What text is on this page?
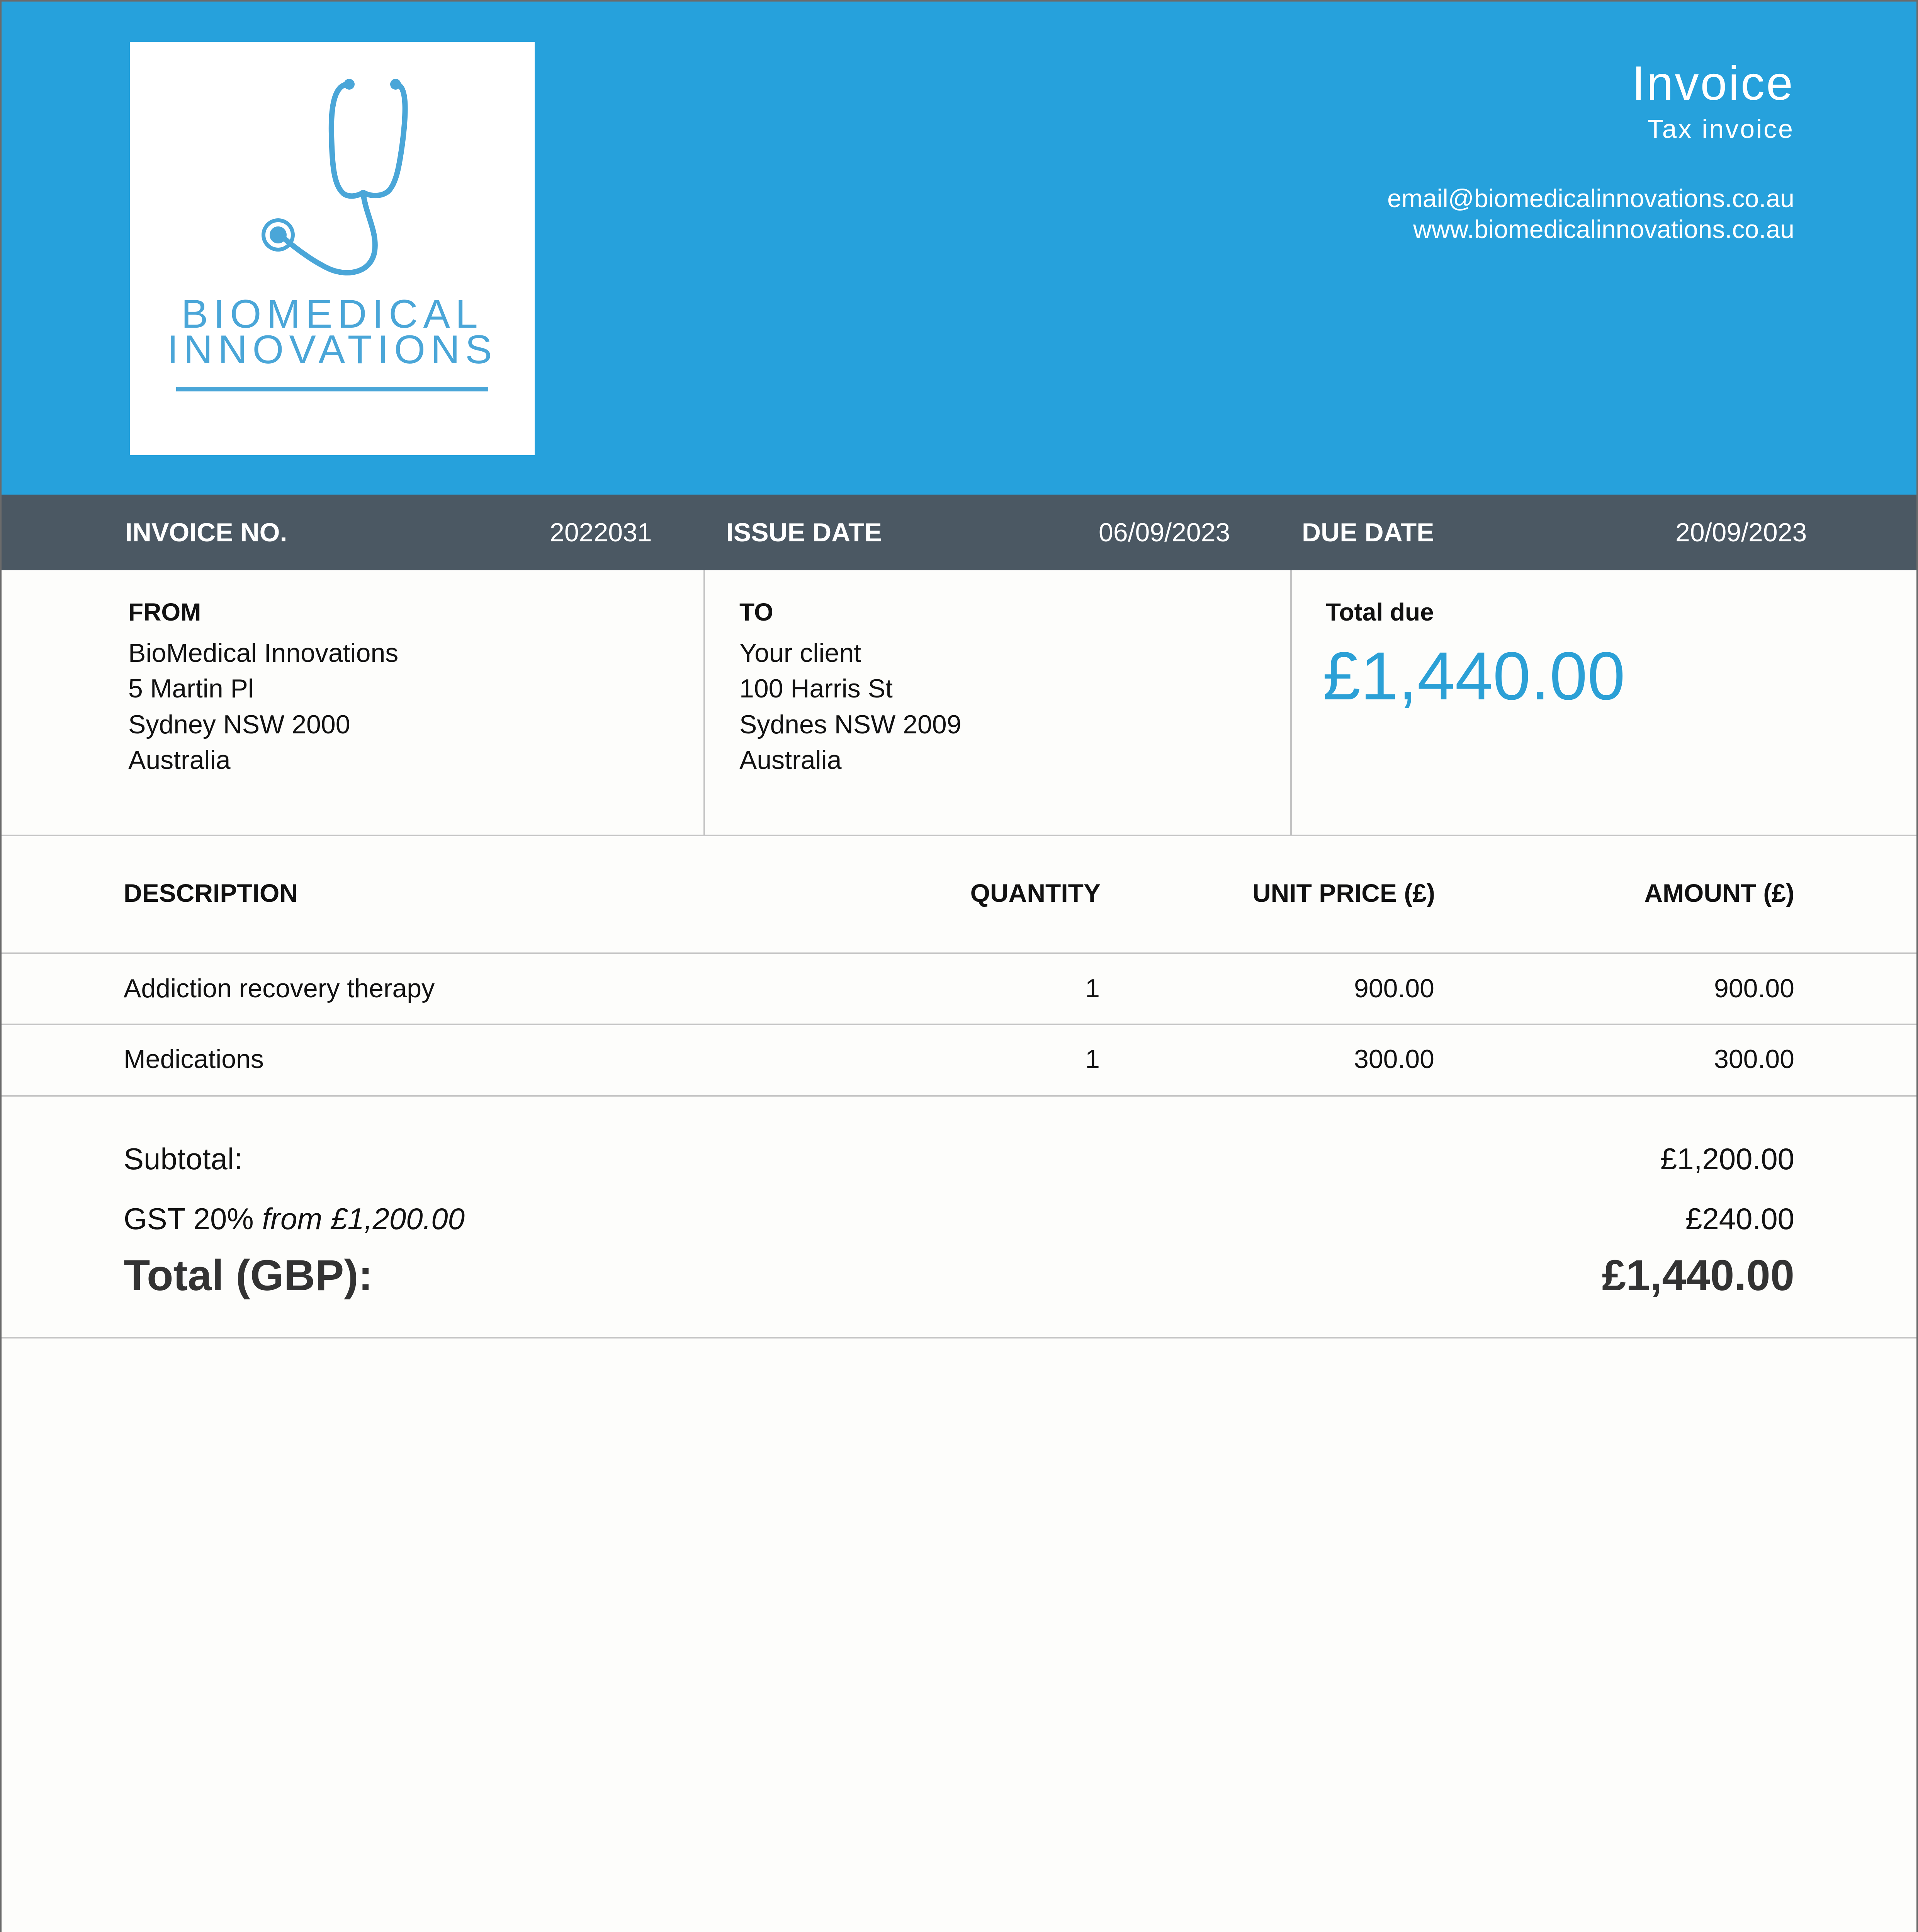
BIOMEDICAL
INNOVATIONS
Invoice
Tax invoice
email@biomedicalinnovations.co.au
www.biomedicalinnovations.co.au
INVOICE NO.	2022031	ISSUE DATE	06/09/2023	DUE DATE	20/09/2023
FROM
BioMedical Innovations
5 Martin Pl
Sydney NSW 2000
Australia
TO
Your client
100 Harris St
Sydnes NSW 2009
Australia
Total due
£1,440.00
DESCRIPTION	QUANTITY	UNIT PRICE (£)	AMOUNT (£)
Addiction recovery therapy	1	900.00	900.00
Medications	1	300.00	300.00
Subtotal:	£1,200.00
GST 20% from £1,200.00	£240.00
Total (GBP):	£1,440.00
